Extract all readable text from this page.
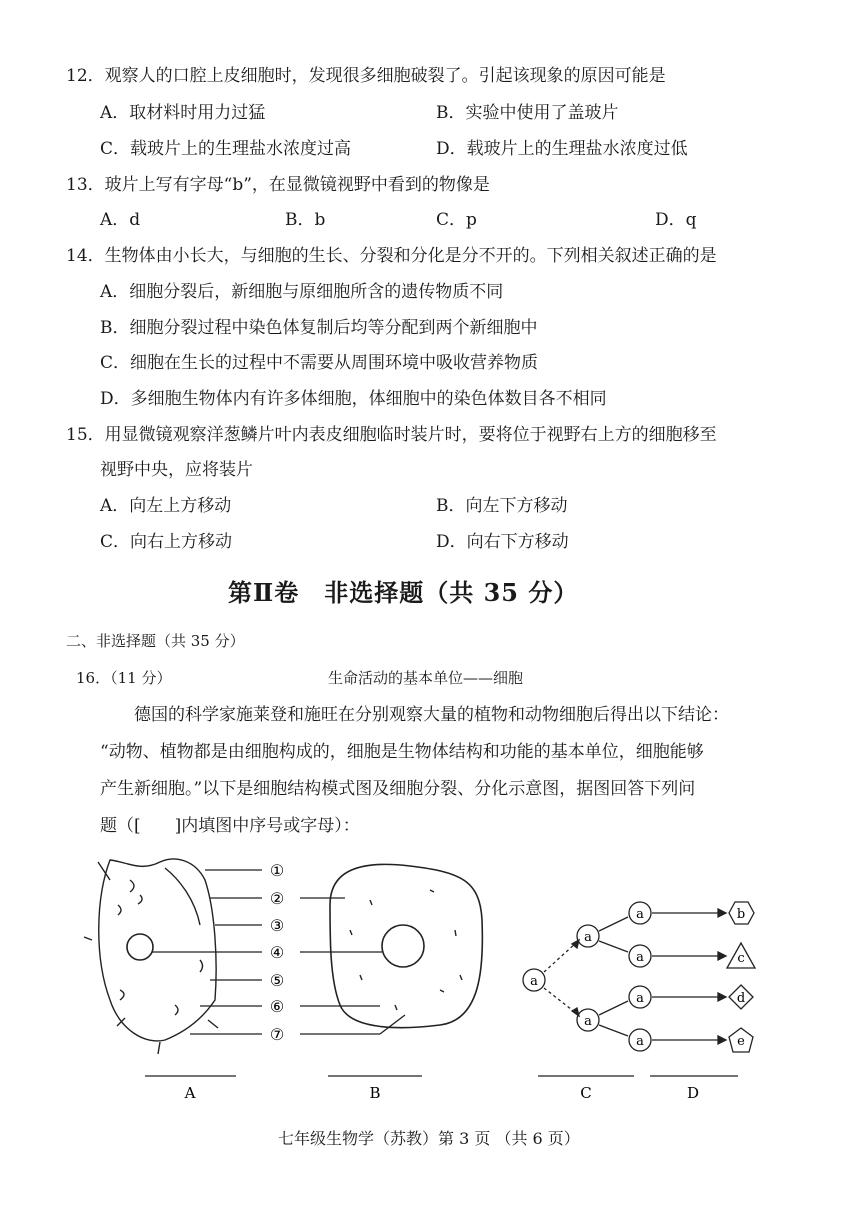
12．观察人的口腔上皮细胞时，发现很多细胞破裂了。引起该现象的原因可能是
A．取材料时用力过猛	B．实验中使用了盖玻片
C．载玻片上的生理盐水浓度过高	D．载玻片上的生理盐水浓度过低
13．玻片上写有字母“b”，在显微镜视野中看到的物像是
A．d	B．b	C．p	D．q
14．生物体由小长大，与细胞的生长、分裂和分化是分不开的。下列相关叙述正确的是
A．细胞分裂后，新细胞与原细胞所含的遗传物质不同
B．细胞分裂过程中染色体复制后均等分配到两个新细胞中
C．细胞在生长的过程中不需要从周围环境中吸收营养物质
D．多细胞生物体内有许多体细胞，体细胞中的染色体数目各不相同
15．用显微镜观察洋葱鳞片叶内表皮细胞临时装片时，要将位于视野右上方的细胞移至
视野中央，应将装片
A．向左上方移动	B．向左下方移动
C．向右上方移动	D．向右下方移动
第Ⅱ卷　非选择题（共 35 分）
二、非选择题（共 35 分）
16．（11 分）	生命活动的基本单位——细胞
德国的科学家施莱登和施旺在分别观察大量的植物和动物细胞后得出以下结论：
“动物、植物都是由细胞构成的，细胞是生物体结构和功能的基本单位，细胞能够
产生新细胞。”以下是细胞结构模式图及细胞分裂、分化示意图，据图回答下列问
题（[　　]内填图中序号或字母）：
①
②
③
④
⑤
⑥
⑦
a
a
a
a
a
a
a
b
c
d
e
A	B	C	D
七年级生物学（苏教）第 3 页 （共 6 页）
